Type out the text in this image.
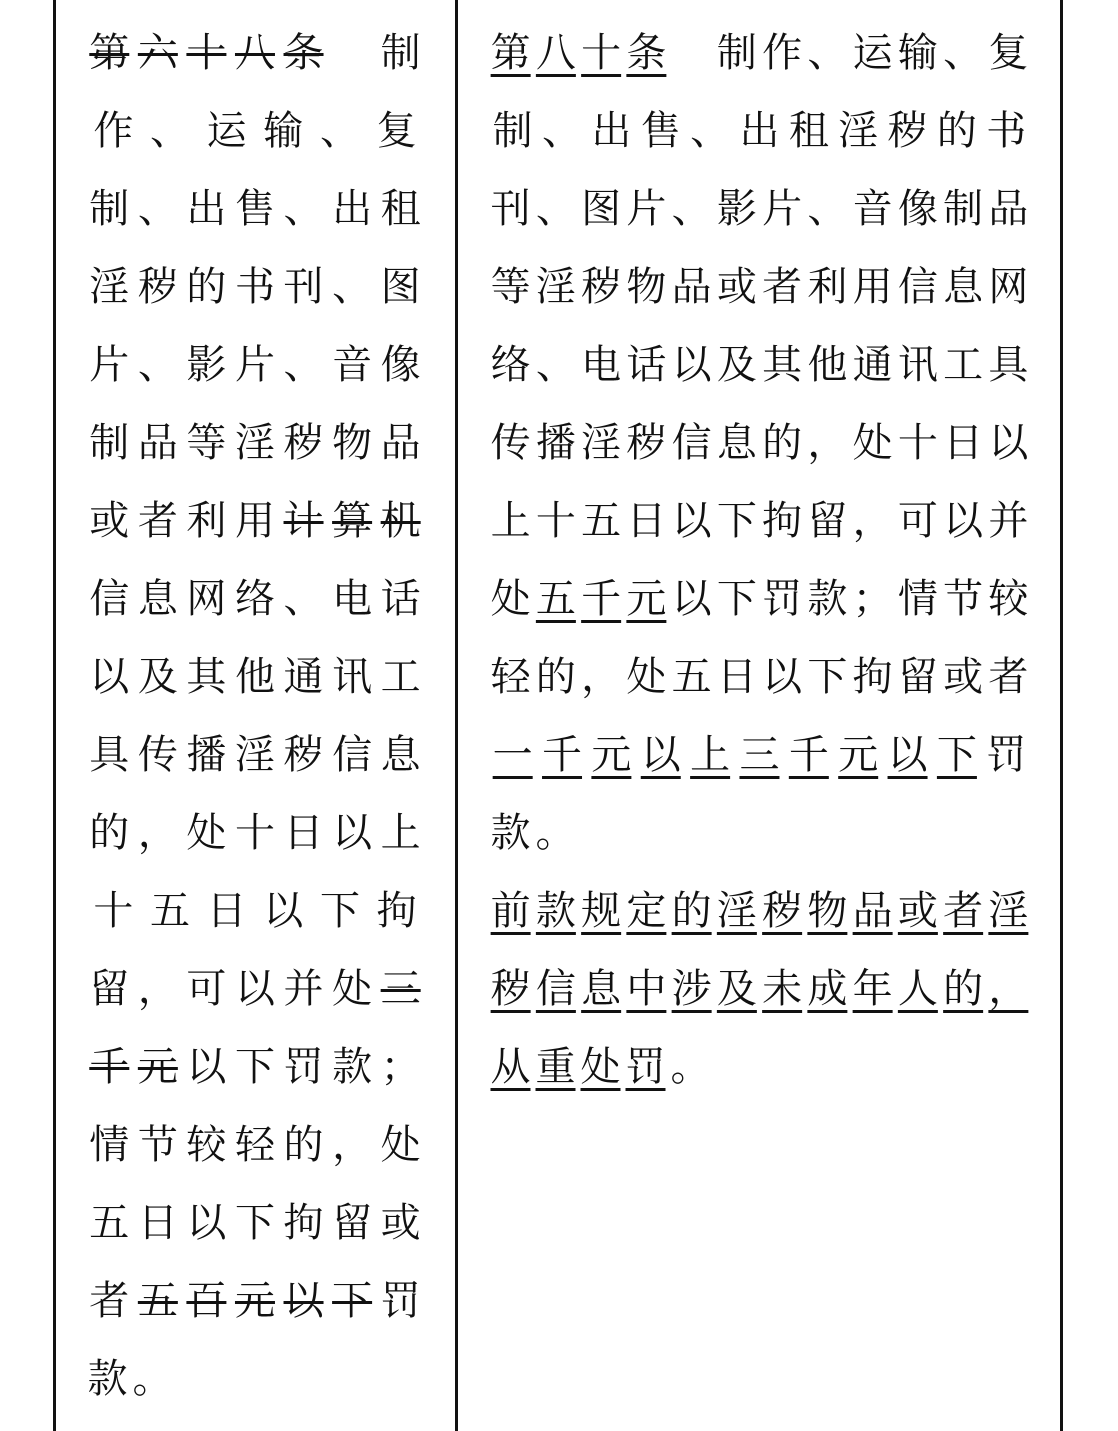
第 六 十 八 条
　 制
作 、 运 输 、 复
制 、 出 售 、 出 租
淫 秽 的 书 刊 、 图
片 、 影 片 、 音 像
制 品 等 淫 秽 物 品
或 者 利 用 计 算 机
信 息 网 络 、 电 话
以 及 其 他 通 讯 工
具 传 播 淫 秽 信 息
的 ， 处 十 日 以 上
十 五 日 以 下 拘
留 ， 可 以 并 处 三
千 元 以 下 罚 款 ；
情 节 较 轻 的 ， 处
五 日 以 下 拘 留 或
者 五 百 元 以 下 罚
款 。
第 八 十 条
　 制 作 、 运 输 、 复
制 、 出 售 、 出 租 淫 秽 的 书
刊 、 图 片 、 影 片 、 音 像 制 品
等 淫 秽 物 品 或 者 利 用 信 息 网
络 、 电 话 以 及 其 他 通 讯 工 具
传 播 淫 秽 信 息 的 ， 处 十 日 以
上 十 五 日 以 下 拘 留 ， 可 以 并
处 五 千 元 以 下 罚 款 ； 情 节 较
轻 的 ， 处 五 日 以 下 拘 留 或 者
一 千 元 以 上 三 千 元 以 下 罚
款 。
前 款 规 定 的 淫 秽 物 品 或 者 淫
秽 信 息 中 涉 及 未 成 年 人 的 ，
从 重 处 罚 。
